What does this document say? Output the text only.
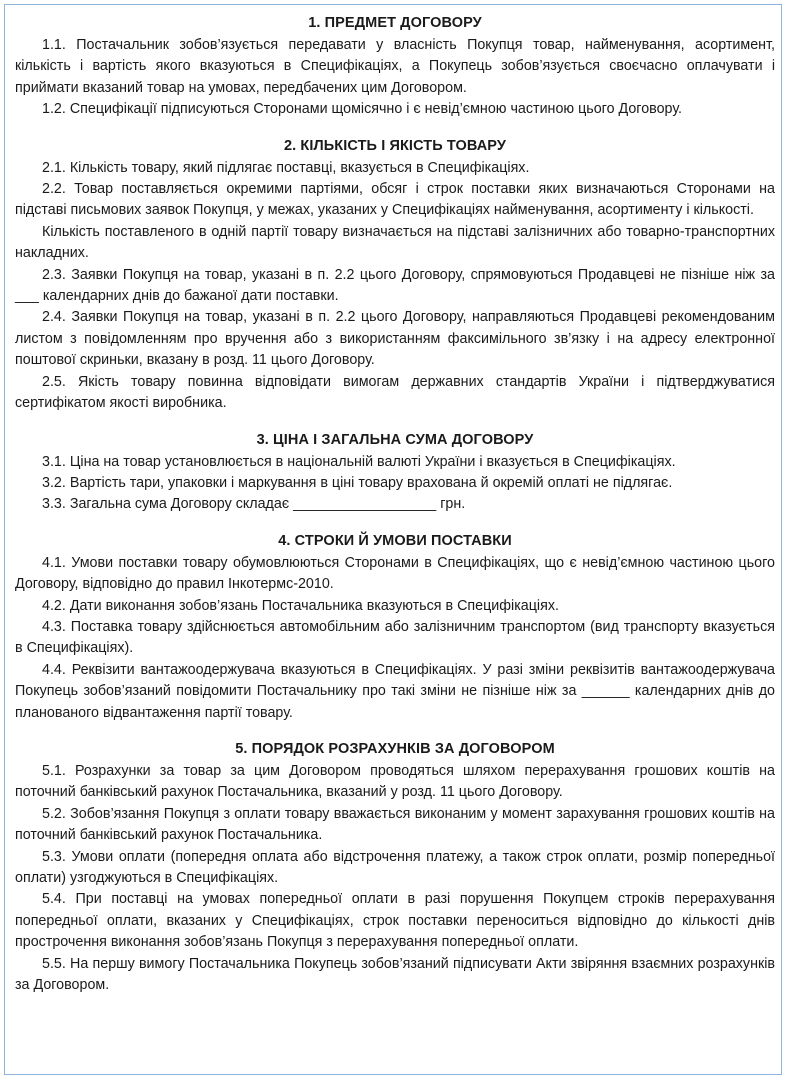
1. ПРЕДМЕТ ДОГОВОРУ

1.1. Постачальник зобов’язується передавати у власність Покупця товар, найменування, асортимент, кількість і вартість якого вказуються в Специфікаціях, а Покупець зобов’язується своєчасно оплачувати і приймати вказаний товар на умовах, передбачених цим Договором.

1.2. Специфікації підписуються Сторонами щомісячно і є невід’ємною частиною цього Договору.

2. КІЛЬКІСТЬ І ЯКІСТЬ ТОВАРУ

2.1. Кількість товару, який підлягає поставці, вказується в Специфікаціях.

2.2. Товар поставляється окремими партіями, обсяг і строк поставки яких визначаються Сторонами на підставі письмових заявок Покупця, у межах, указаних у Специфікаціях найменування, асортименту і кількості.

Кількість поставленого в одній партії товару визначається на підставі залізничних або товарно-транспортних накладних.

2.3. Заявки Покупця на товар, указані в п. 2.2 цього Договору, спрямовуються Продавцеві не пізніше ніж за ___ календарних днів до бажаної дати поставки.

2.4. Заявки Покупця на товар, указані в п. 2.2 цього Договору, направляються Продавцеві рекомендованим листом з повідомленням про вручення або з використанням факсимільного зв’язку і на адресу електронної поштової скриньки, вказану в розд. 11 цього Договору.

2.5. Якість товару повинна відповідати вимогам державних стандартів України і підтверджуватися сертифікатом якості виробника.

3. ЦІНА І ЗАГАЛЬНА СУМА ДОГОВОРУ

3.1. Ціна на товар установлюється в національній валюті України і вказується в Специфікаціях.

3.2. Вартість тари, упаковки і маркування в ціні товару врахована й окремій оплаті не підлягає.

3.3. Загальна сума Договору складає __________________ грн.

4. СТРОКИ Й УМОВИ ПОСТАВКИ

4.1. Умови поставки товару обумовлюються Сторонами в Специфікаціях, що є невід’ємною частиною цього Договору, відповідно до правил Інкотермс-2010.

4.2. Дати виконання зобов’язань Постачальника вказуються в Специфікаціях.

4.3. Поставка товару здійснюється автомобільним або залізничним транспортом (вид транспорту вказується в Специфікаціях).

4.4. Реквізити вантажоодержувача вказуються в Специфікаціях. У разі зміни реквізитів вантажоодержувача Покупець зобов’язаний повідомити Постачальнику про такі зміни не пізніше ніж за ______ календарних днів до планованого відвантаження партії товару.

5. ПОРЯДОК РОЗРАХУНКІВ ЗА ДОГОВОРОМ

5.1. Розрахунки за товар за цим Договором проводяться шляхом перерахування грошових коштів на поточний банківський рахунок Постачальника, вказаний у розд. 11 цього Договору.

5.2. Зобов’язання Покупця з оплати товару вважається виконаним у момент зарахування грошових коштів на поточний банківський рахунок Постачальника.

5.3. Умови оплати (попередня оплата або відстрочення платежу, а також строк оплати, розмір попередньої оплати) узгоджуються в Специфікаціях.

5.4. При поставці на умовах попередньої оплати в разі порушення Покупцем строків перерахування попередньої оплати, вказаних у Специфікаціях, строк поставки переноситься відповідно до кількості днів прострочення виконання зобов’язань Покупця з перерахування попередньої оплати.

5.5. На першу вимогу Постачальника Покупець зобов’язаний підписувати Акти звіряння взаємних розрахунків за Договором.
